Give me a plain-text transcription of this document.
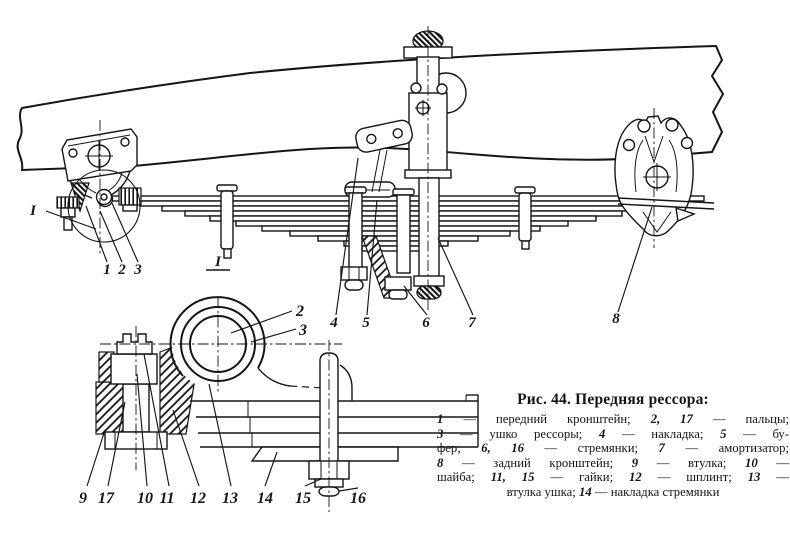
I
1 2 3	I
4 5	6	7	8
2
3
9 17 10 11 12 13 14 15 16
Рис. 44. Передняя рессора:
1 — передний кронштейн; 2, 17 — пальцы;
3 — ушко рессоры; 4 — накладка; 5 — бу-
фер; 6, 16 — стремянки; 7 — амортизатор;
8 — задний кронштейн; 9 — втулка; 10 —
шайба; 11, 15 — гайки; 12 — шплинт; 13 —
втулка ушка; 14 — накладка стремянки
